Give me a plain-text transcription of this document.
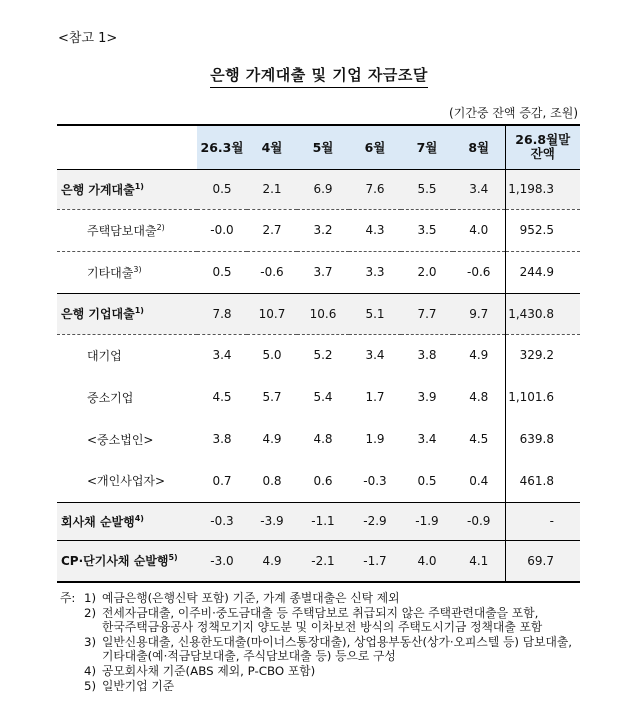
<참고 1>
은행 가계대출 및 기업 자금조달
(기간중 잔액 증감, 조원)
	26.3월	4월	5월	6월	7월	8월	26.8월말
잔액
은행 가계대출$^{1)}$	0.5	2.1	6.9	7.6	5.5	3.4	1,198.3
주택담보대출$^{2)}$	-0.0	2.7	3.2	4.3	3.5	4.0	952.5
기타대출$^{3)}$	0.5	-0.6	3.7	3.3	2.0	-0.6	244.9
은행 기업대출$^{1)}$	7.8	10.7	10.6	5.1	7.7	9.7	1,430.8
대기업	3.4	5.0	5.2	3.4	3.8	4.9	329.2
중소기업	4.5	5.7	5.4	1.7	3.9	4.8	1,101.6
<중소법인>	3.8	4.9	4.8	1.9	3.4	4.5	639.8
<개인사업자>	0.7	0.8	0.6	-0.3	0.5	0.4	461.8
회사채 순발행$^{4)}$	-0.3	-3.9	-1.1	-2.9	-1.9	-0.9	-
CP·단기사채 순발행$^{5)}$	-3.0	4.9	-2.1	-1.7	4.0	4.1	69.7
주: 1) 예금은행(은행신탁 포함) 기준, 가계 종별대출은 신탁 제외
2) 전세자금대출, 이주비·중도금대출 등 주택담보로 취급되지 않은 주택관련대출을 포함,
한국주택금융공사 정책모기지 양도분 및 이차보전 방식의 주택도시기금 정책대출 포함
3) 일반신용대출, 신용한도대출(마이너스통장대출), 상업용부동산(상가·오피스텔 등) 담보대출,
기타대출(예·적금담보대출, 주식담보대출 등) 등으로 구성
4) 공모회사채 기준(ABS 제외, P-CBO 포함)
5) 일반기업 기준
